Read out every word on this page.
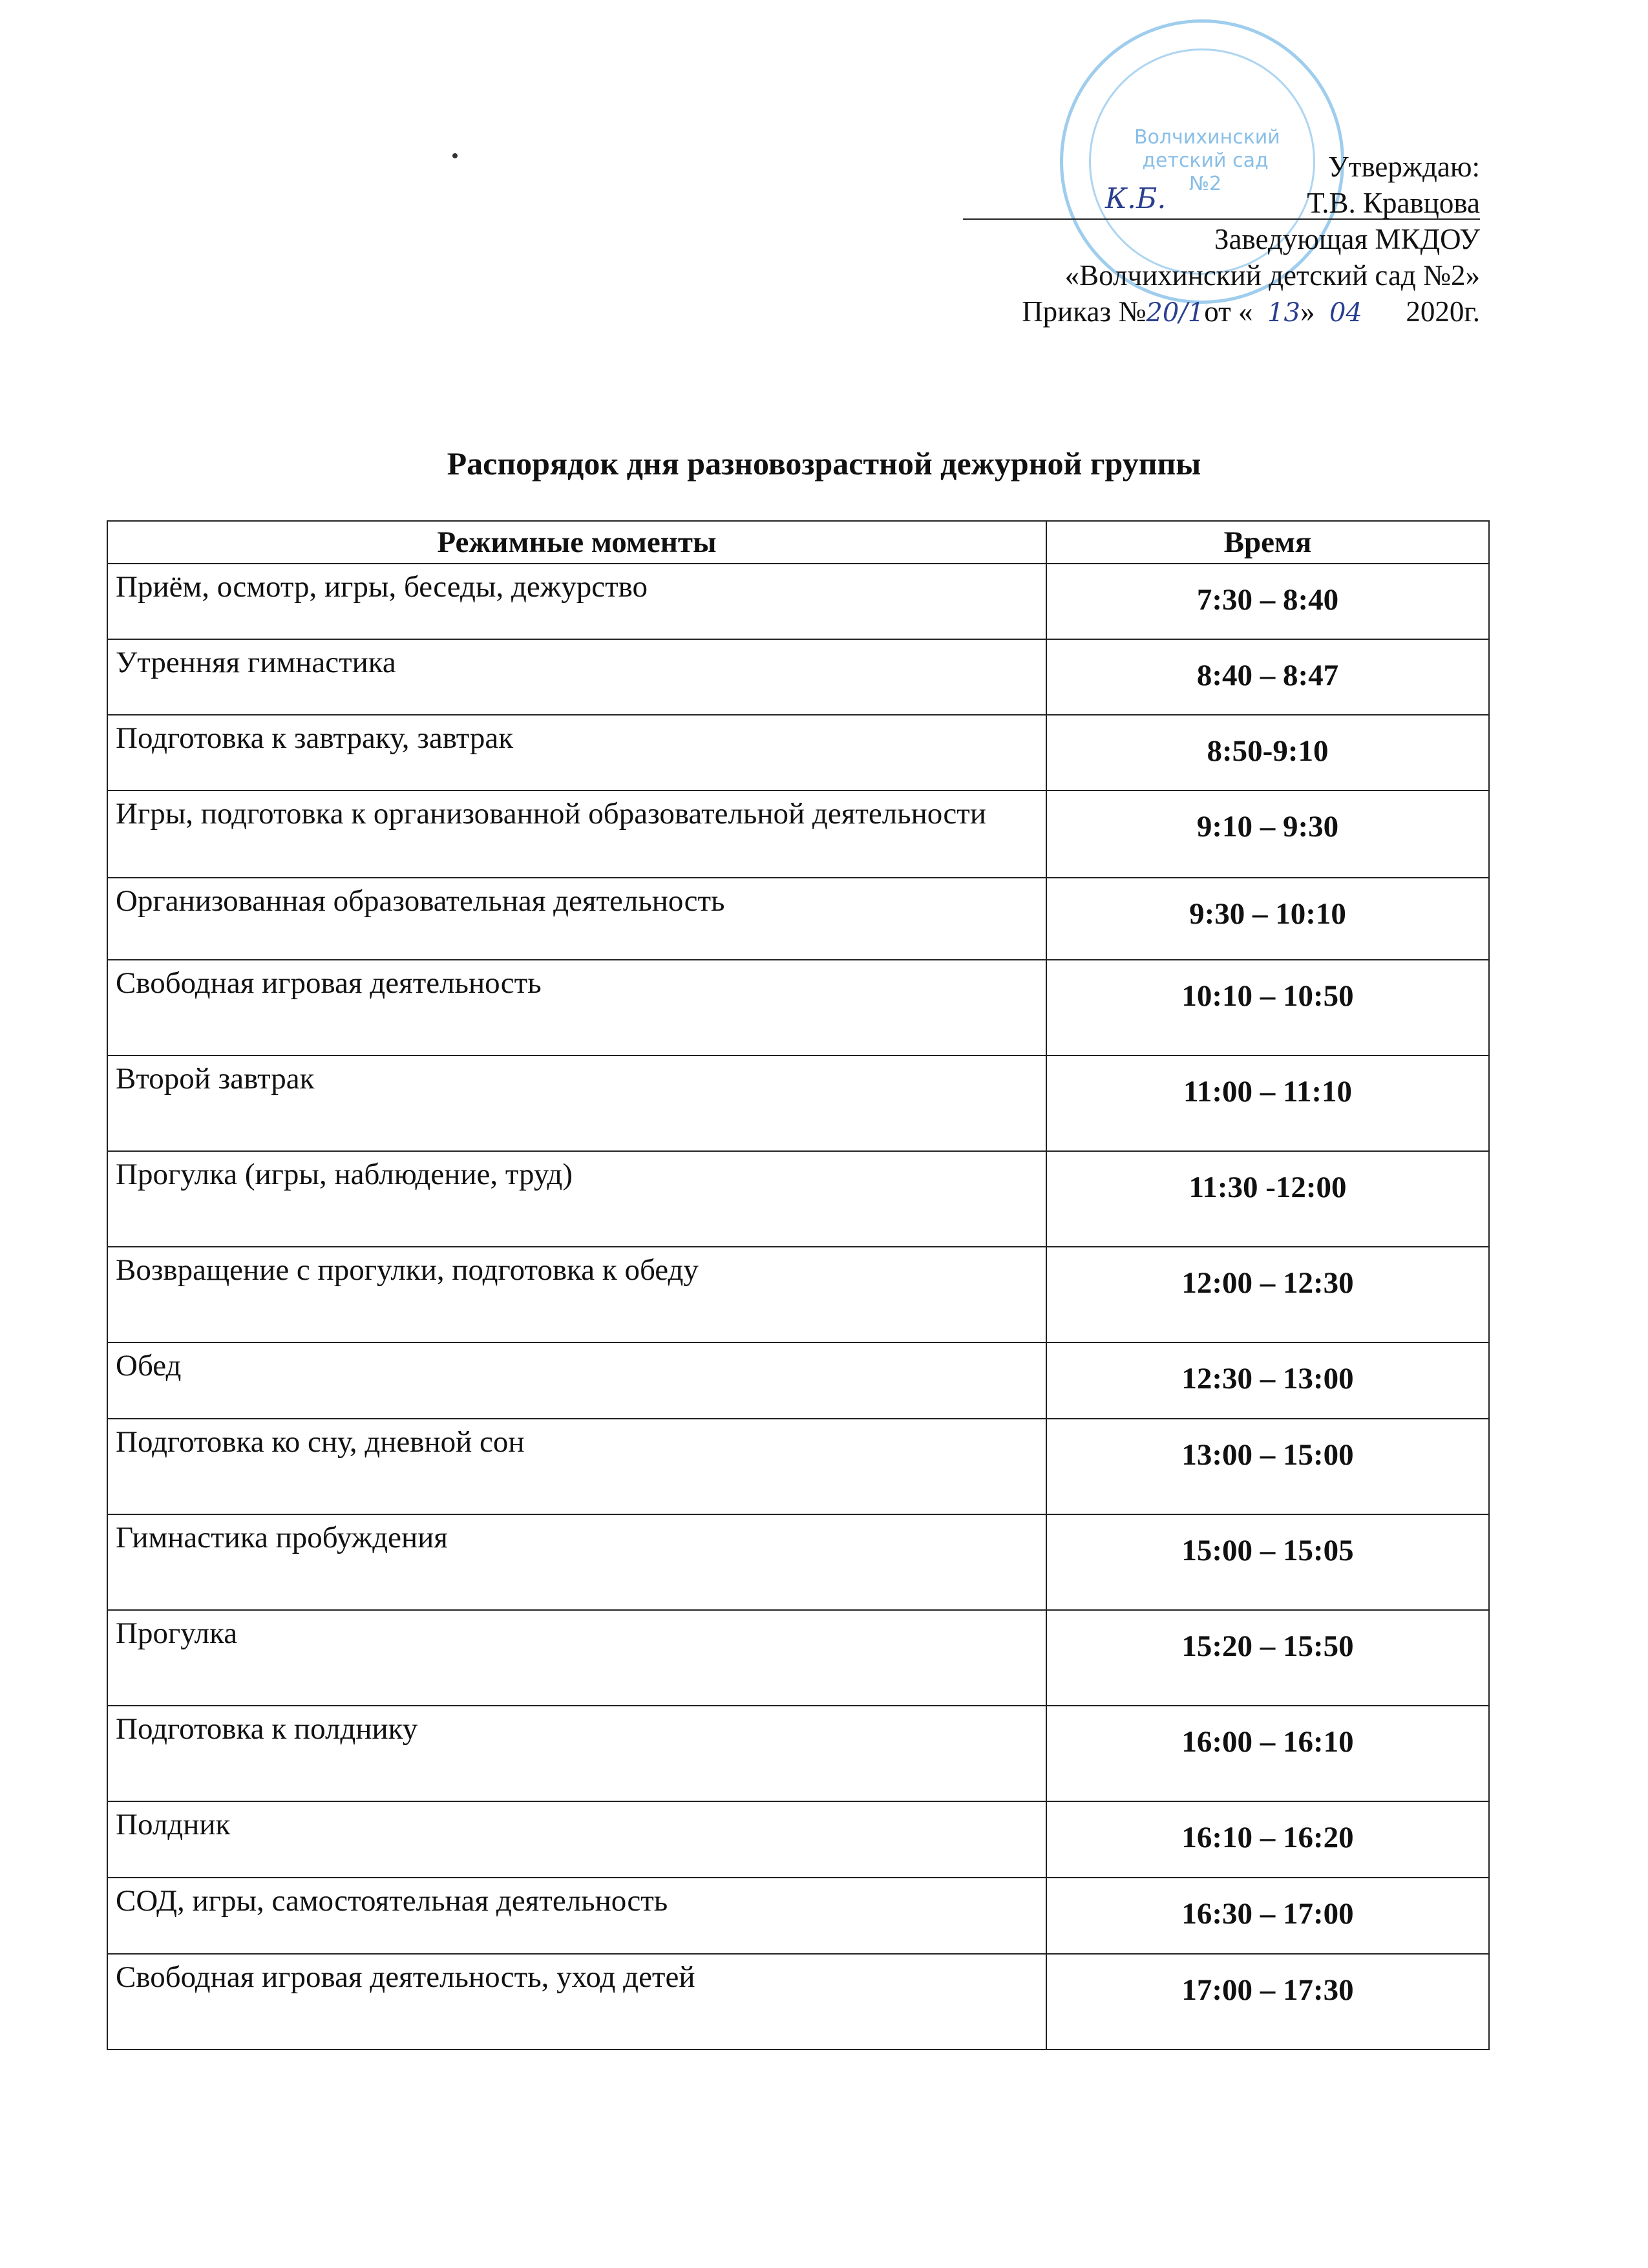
Волчихинский детский сад №2
Утверждаю:
К.Б.	Т.В. Кравцова
Заведующая МКДОУ
«Волчихинский детский сад №2»
Приказ №20/1от « 13» 04 2020г.
Распорядок дня разновозрастной дежурной группы
Режимные моменты	Время
Приём, осмотр, игры, беседы, дежурство	7:30 – 8:40
Утренняя гимнастика	8:40 – 8:47
Подготовка к завтраку, завтрак	8:50-9:10
Игры, подготовка к организованной образовательной деятельности	9:10 – 9:30
Организованная образовательная деятельность	9:30 – 10:10
Свободная игровая деятельность	10:10 – 10:50
Второй завтрак	11:00 – 11:10
Прогулка (игры, наблюдение, труд)	11:30 -12:00
Возвращение с прогулки, подготовка к обеду	12:00 – 12:30
Обед	12:30 – 13:00
Подготовка ко сну, дневной сон	13:00 – 15:00
Гимнастика пробуждения	15:00 – 15:05
Прогулка	15:20 – 15:50
Подготовка к полднику	16:00 – 16:10
Полдник	16:10 – 16:20
СОД, игры, самостоятельная деятельность	16:30 – 17:00
Свободная игровая деятельность, уход детей	17:00 – 17:30
